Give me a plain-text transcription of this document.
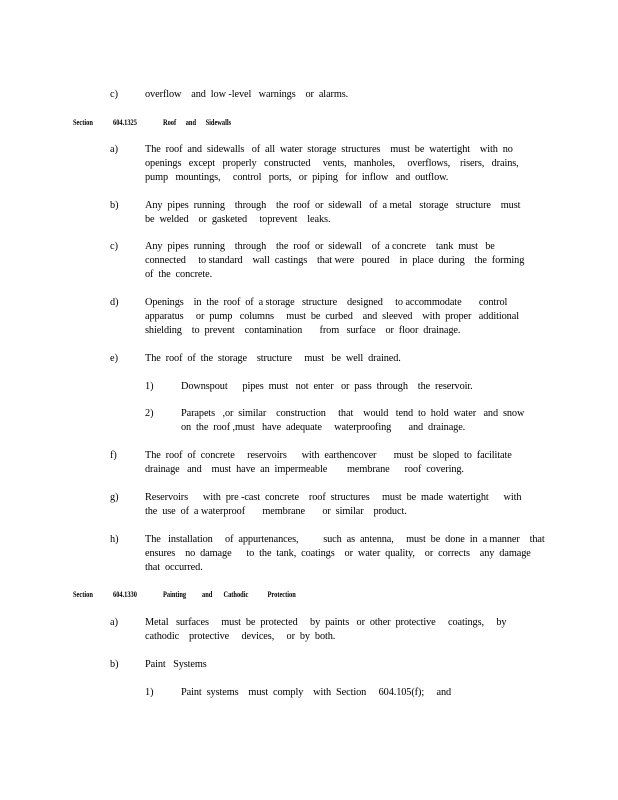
c)	overflow    and  low -level   warnings    or  alarms.
Section 604.1325	Roof      and      Sidewalls
a)	The  roof  and  sidewalls   of  all  water  storage  structures    must  be  watertight    with  no
openings   except   properly   constructed     vents,   manholes,     overflows,    risers,   drains,
pump   mountings,     control   ports,   or  piping   for  inflow   and  outflow.
b)	Any  pipes  running    through    the  roof  or  sidewall   of  a metal   storage   structure    must
be  welded    or  gasketed     toprevent    leaks.
c)	Any  pipes  running    through    the  roof  or  sidewall    of  a concrete    tank  must   be
connected     to standard    wall  castings    that were   poured    in  place  during    the  forming
of  the  concrete.
d)	Openings    in  the  roof  of  a storage   structure    designed     to accommodate       control
apparatus     or  pump   columns     must  be  curbed    and  sleeved    with  proper   additional
shielding    to  prevent    contamination       from   surface    or  floor  drainage.
e)	The  roof  of  the  storage    structure     must   be  well  drained.
1)	Downspout      pipes  must   not  enter   or  pass  through    the  reservoir.
2)	Parapets   ,or  similar    construction     that    would   tend  to  hold  water   and  snow
on  the  roof ,must   have  adequate     waterproofing       and  drainage.
f)	The  roof  of  concrete     reservoirs      with  earthencover       must  be  sloped  to  facilitate
drainage   and    must  have  an  impermeable        membrane      roof  covering.
g)	Reservoirs      with  pre -cast  concrete    roof  structures     must  be  made  watertight      with
the  use  of  a waterproof       membrane       or  similar    product.
h)	The   installation     of  appurtenances,          such  as  antenna,     must  be  done  in  a manner    that
ensures    no  damage      to  the  tank,  coatings    or  water  quality,    or  corrects    any  damage
that  occurred.
Section 604.1330	Painting          and       Cathodic            Protection
a)	Metal   surfaces     must  be  protected     by  paints   or  other  protective     coatings,     by
cathodic    protective     devices,     or  by  both.
b)	Paint   Systems
1)	Paint  systems    must  comply    with  Section     604.105(f);     and
